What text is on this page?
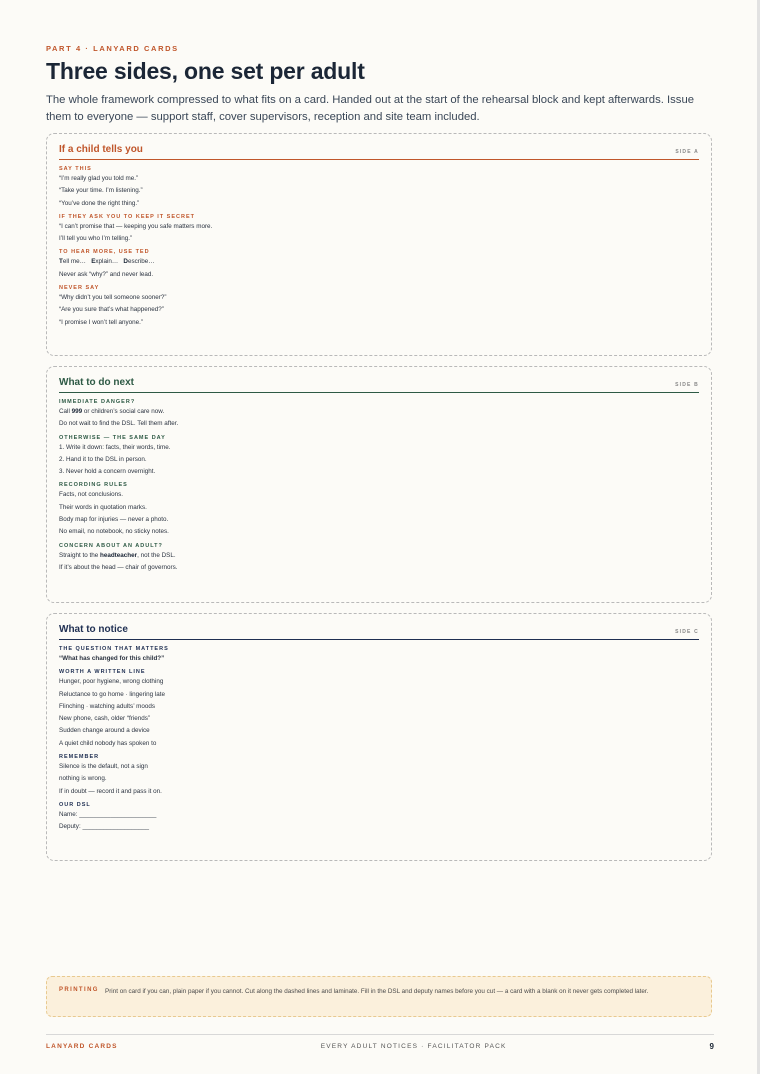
PART 4 · LANYARD CARDS
Three sides, one set per adult
The whole framework compressed to what fits on a card. Handed out at the start of the rehearsal block and kept afterwards. Issue them to everyone — support staff, cover supervisors, reception and site team included.
If a child tells you	SIDE A
SAY THIS
“I’m really glad you told me.”
“Take your time. I’m listening.”
“You’ve done the right thing.”
IF THEY ASK YOU TO KEEP IT SECRET
“I can’t promise that — keeping you safe matters more.
I’ll tell you who I’m telling.”
TO HEAR MORE, USE TED
Tell me… Explain… Describe…
Never ask “why?” and never lead.
NEVER SAY
“Why didn’t you tell someone sooner?”
“Are you sure that’s what happened?”
“I promise I won’t tell anyone.”
What to do next	SIDE B
IMMEDIATE DANGER?
Call 999 or children’s social care now.
Do not wait to find the DSL. Tell them after.
OTHERWISE — THE SAME DAY
1. Write it down: facts, their words, time.
2. Hand it to the DSL in person.
3. Never hold a concern overnight.
RECORDING RULES
Facts, not conclusions.
Their words in quotation marks.
Body map for injuries — never a photo.
No email, no notebook, no sticky notes.
CONCERN ABOUT AN ADULT?
Straight to the headteacher, not the DSL.
If it’s about the head — chair of governors.
What to notice	SIDE C
THE QUESTION THAT MATTERS
“What has changed for this child?”
WORTH A WRITTEN LINE
Hunger, poor hygiene, wrong clothing
Reluctance to go home · lingering late
Flinching · watching adults’ moods
New phone, cash, older “friends”
Sudden change around a device
A quiet child nobody has spoken to
REMEMBER
Silence is the default, not a sign
nothing is wrong.
If in doubt — record it and pass it on.
OUR DSL
Name: ______________________
Deputy: ___________________
PRINTING Print on card if you can, plain paper if you cannot. Cut along the dashed lines and laminate. Fill in the DSL and deputy names before you cut — a card with a blank on it never gets completed later.
LANYARD CARDS	EVERY ADULT NOTICES · FACILITATOR PACK	9
